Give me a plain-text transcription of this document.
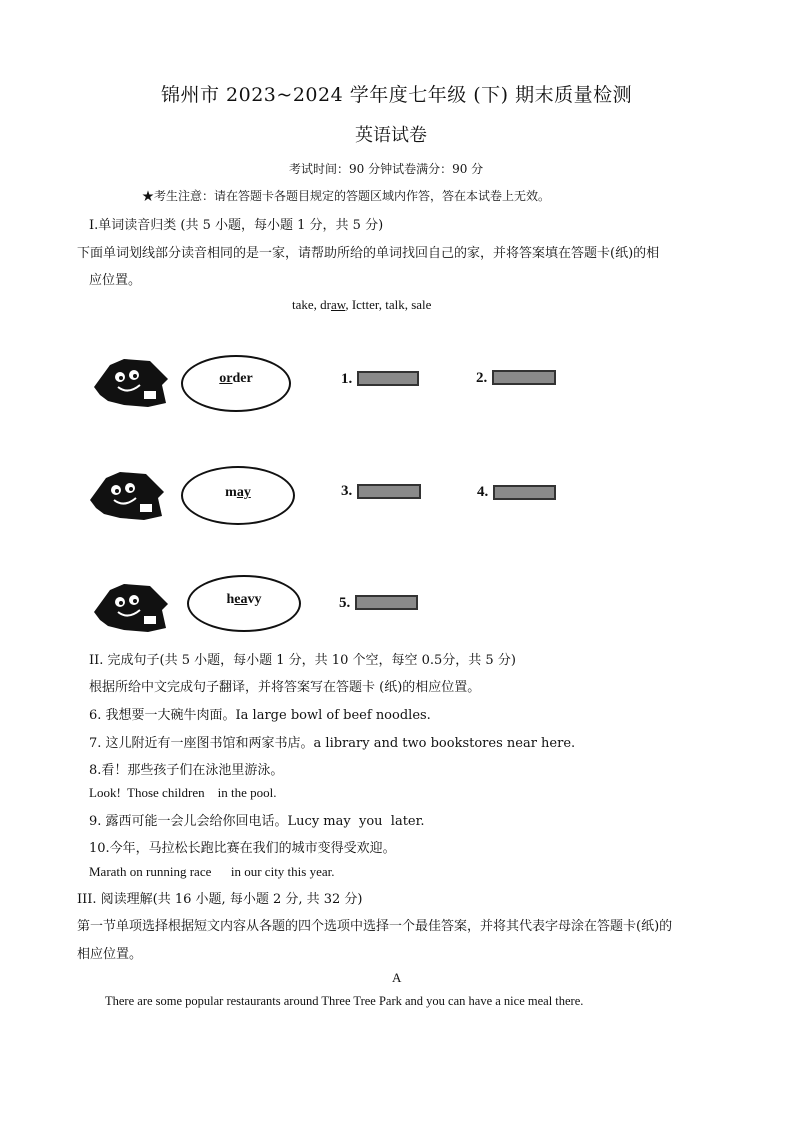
锦州市 2023~2024 学年度七年级 (下) 期末质量检测
英语试卷
考试时间：90 分钟试卷满分：90 分
★考生注意：请在答题卡各题目规定的答题区域内作答，答在本试卷上无效。
I.单词读音归类 (共 5 小题，每小题 1 分，共 5 分)
下面单词划线部分读音相同的是一家，请帮助所给的单词找回自己的家，并将答案填在答题卡(纸)的相
应位置。
take, draw, Ictter, talk, sale
order	1.	2.
may	3.	4.
heavy	5.
II. 完成句子(共 5 小题，每小题 1 分，共 10 个空，每空 0.5分，共 5 分)
根据所给中文完成句子翻译，并将答案写在答题卡 (纸)的相应位置。
6. 我想要一大碗牛肉面。Ia large bowl of beef noodles.
7. 这儿附近有一座图书馆和两家书店。a library and two bookstores near here.
8.看！那些孩子们在泳池里游泳。
Look!  Those children    in the pool.
9. 露西可能一会儿会给你回电话。Lucy may  you  later.
10.今年，马拉松长跑比赛在我们的城市变得受欢迎。
Marath on running race      in our city this year.
III. 阅读理解(共 16 小题, 每小题 2 分, 共 32 分)
第一节单项选择根据短文内容从各题的四个选项中选择一个最佳答案，并将其代表字母涂在答题卡(纸)的
相应位置。
A
There are some popular restaurants around Three Tree Park and you can have a nice meal there.
